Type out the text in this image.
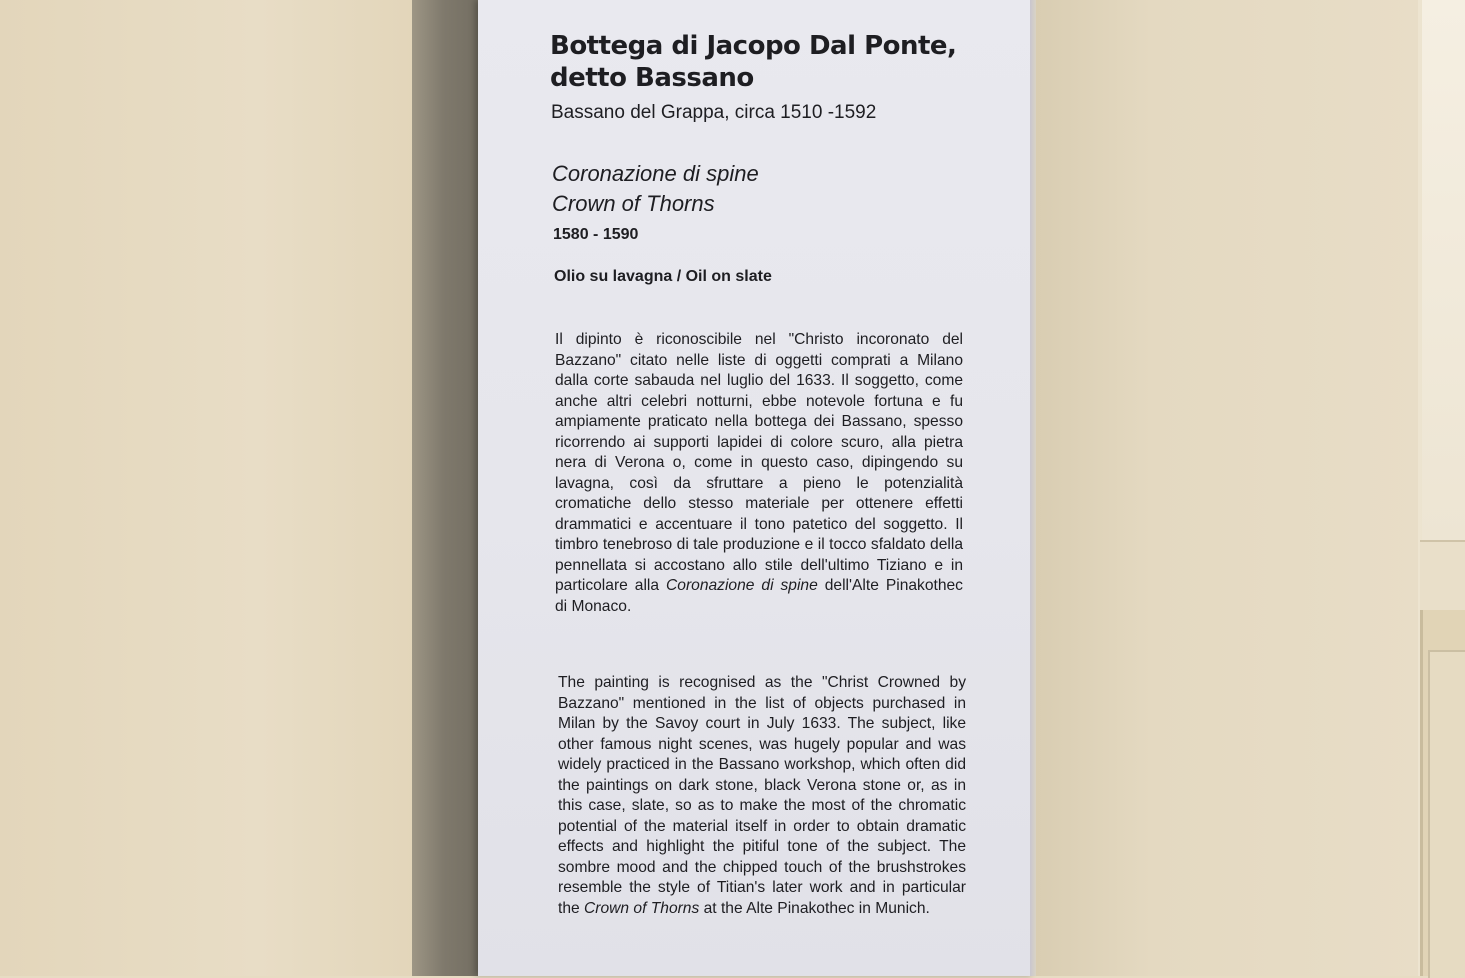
Bottega di Jacopo Dal Ponte,
detto Bassano
Bassano del Grappa, circa 1510 -1592
Coronazione di spine
Crown of Thorns
1580 - 1590
Olio su lavagna / Oil on slate
Il dipinto è riconoscibile nel "Christo incoronato del Bazzano" citato nelle liste di oggetti comprati a Milano dalla corte sabauda nel luglio del 1633. Il soggetto, come anche altri celebri notturni, ebbe notevole fortuna e fu ampiamente praticato nella bottega dei Bassano, spesso ricorrendo ai supporti lapidei di colore scuro, alla pietra nera di Verona o, come in questo caso, dipingendo su lavagna, così da sfruttare a pieno le potenzialità cromatiche dello stesso materiale per ottenere effetti drammatici e accentuare il tono patetico del soggetto. Il timbro tenebroso di tale produzione e il tocco sfaldato della pennellata si accostano allo stile dell'ultimo Tiziano e in particolare alla Coronazione di spine dell'Alte Pinakothec di Monaco.
The painting is recognised as the "Christ Crowned by Bazzano" mentioned in the list of objects purchased in Milan by the Savoy court in July 1633. The subject, like other famous night scenes, was hugely popular and was widely practiced in the Bassano workshop, which often did the paintings on dark stone, black Verona stone or, as in this case, slate, so as to make the most of the chromatic potential of the material itself in order to obtain dramatic effects and highlight the pitiful tone of the subject. The sombre mood and the chipped touch of the brushstrokes resemble the style of Titian's later work and in particular the Crown of Thorns at the Alte Pinakothec in Munich.
